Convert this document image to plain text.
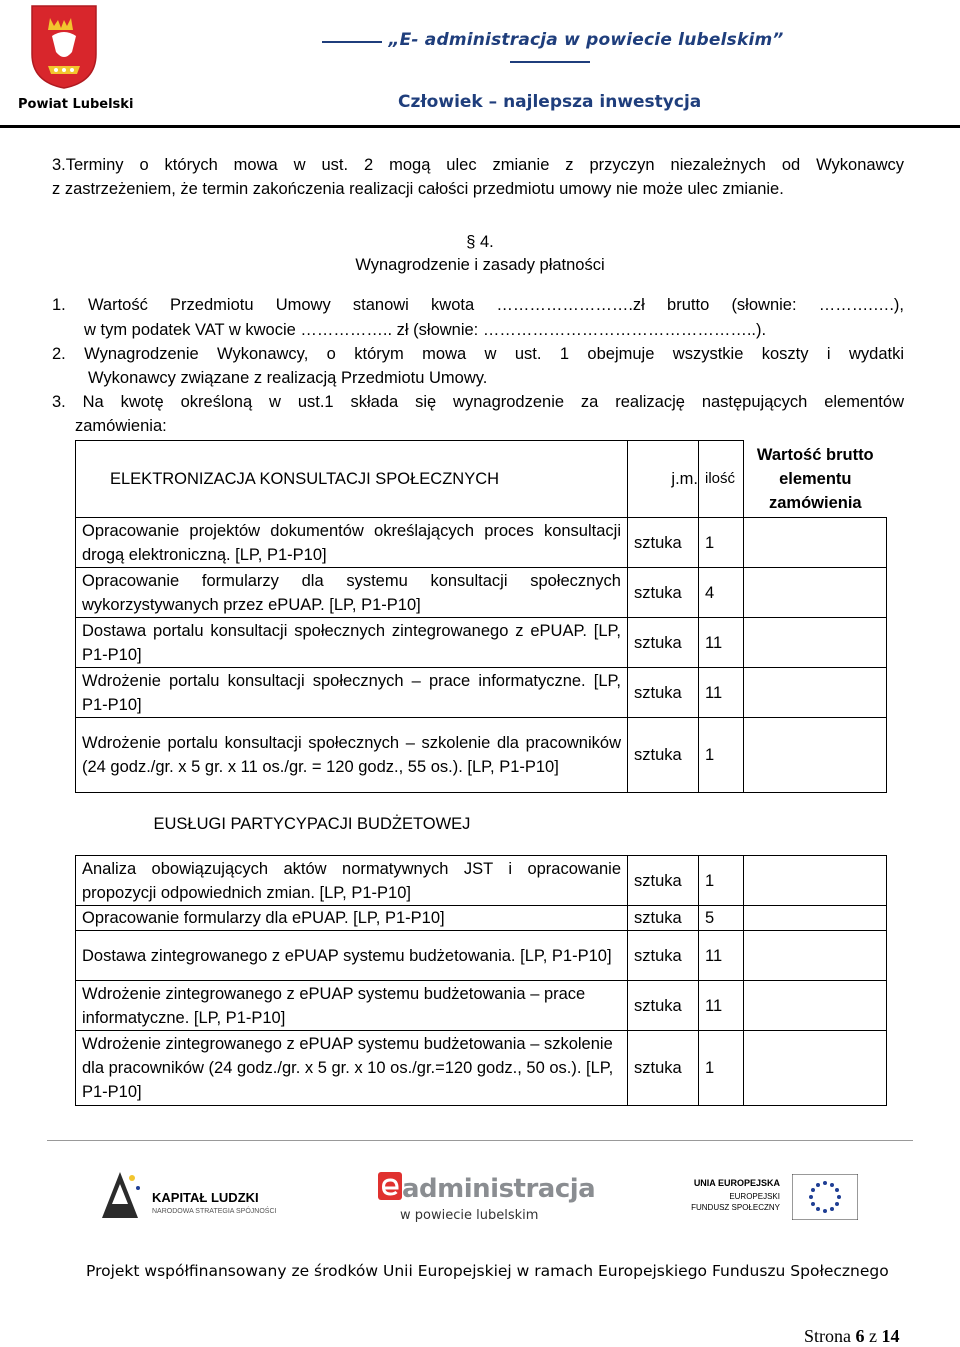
Powiat Lubelski
„E- administracja w powiecie lubelskim”
Człowiek – najlepsza inwestycja
3.Terminy o których mowa w ust. 2 mogą ulec zmianie z przyczyn niezależnych od Wykonawcy
z zastrzeżeniem, że termin zakończenia realizacji całości przedmiotu umowy nie może ulec zmianie.
§ 4.
Wynagrodzenie i zasady płatności
1. Wartość Przedmiotu Umowy stanowi kwota …………………….zł brutto (słownie: ……….….),
w tym podatek VAT w kwocie …………….. zł (słownie: …………………………………………..).
2. Wynagrodzenie Wykonawcy, o którym mowa w ust. 1 obejmuje wszystkie koszty i wydatki
Wykonawcy związane z realizacją Przedmiotu Umowy.
3. Na kwotę określoną w ust.1 składa się wynagrodzenie za realizację następujących elementów
zamówienia:
ELEKTRONIZACJA KONSULTACJI SPOŁECZNYCH	j.m.	ilość	Wartość brutto
elementu
zamówienia

Opracowanie projektów dokumentów określających proces konsultacji drogą elektroniczną. [LP, P1-P10]	sztuka	1	
Opracowanie formularzy dla systemu konsultacji społecznych wykorzystywanych przez ePUAP. [LP, P1-P10]	sztuka	4	
Dostawa portalu konsultacji społecznych zintegrowanego z ePUAP. [LP, P1-P10]	sztuka	11	
Wdrożenie portalu konsultacji społecznych – prace informatyczne. [LP, P1-P10]	sztuka	11	
Wdrożenie portalu konsultacji społecznych – szkolenie dla pracowników (24 godz./gr. x 5 gr. x 11 os./gr. = 120 godz., 55 os.). [LP, P1-P10]	sztuka	1	
EUSŁUGI PARTYCYPACJI BUDŻETOWEJ			
Analiza obowiązujących aktów normatywnych JST i opracowanie propozycji odpowiednich zmian. [LP, P1-P10]	sztuka	1	
Opracowanie formularzy dla ePUAP. [LP, P1-P10]	sztuka	5	
Dostawa zintegrowanego z ePUAP systemu budżetowania. [LP, P1-P10]	sztuka	11	
Wdrożenie zintegrowanego z ePUAP systemu budżetowania – prace informatyczne. [LP, P1-P10]	sztuka	11	
Wdrożenie zintegrowanego z ePUAP systemu budżetowania – szkolenie dla pracowników (24 godz./gr. x 5 gr. x 10 os./gr.=120 godz., 50 os.). [LP, P1-P10]	sztuka	1	
KAPITAŁ LUDZKI
NARODOWA STRATEGIA SPÓJNOŚCI
administracja
w powiecie lubelskim
UNIA EUROPEJSKA
EUROPEJSKI
FUNDUSZ SPOŁECZNY
Projekt współfinansowany ze środków Unii Europejskiej w ramach Europejskiego Funduszu Społecznego
Strona 6 z 14
